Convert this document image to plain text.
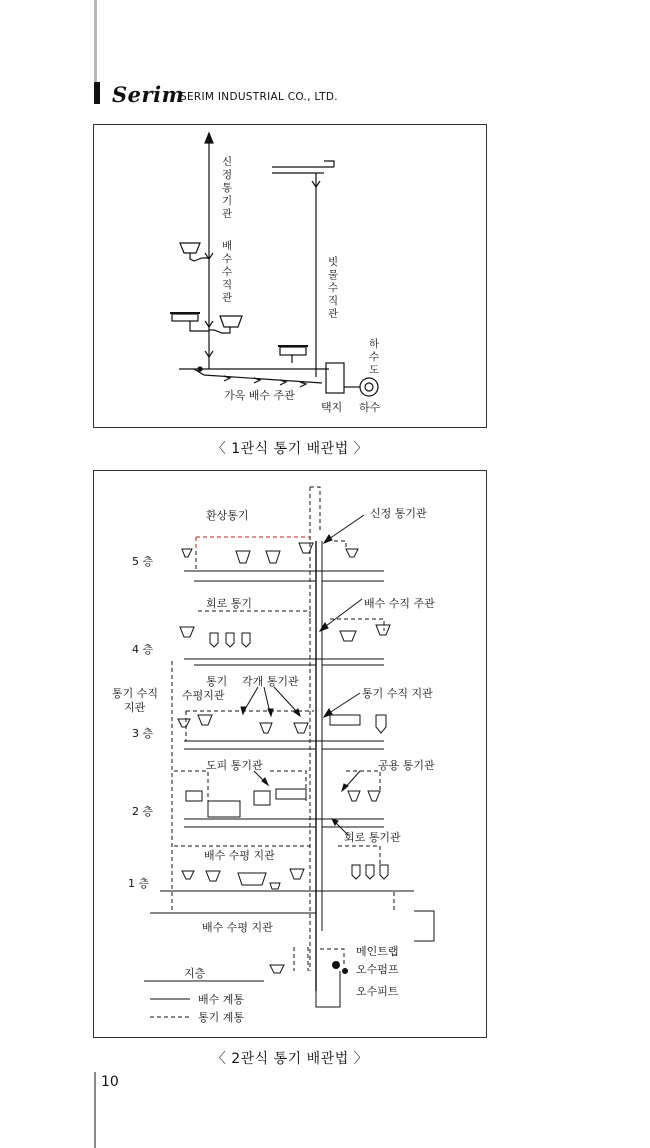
Serim
SERIM INDUSTRIAL CO., LTD.
신 정 통 기 관
배 수 수 직 관
빗 물 수 직 관
하 수 도
가옥 배수 주관
택지 하수
〈 1관식 통기 배관법 〉
5 층
4 층
3 층
2 층
1 층
지층
환상통기	신정 통기관
회로 통기	배수 수직 주관
통기 수직
지관
통기
수평지관
각개 통기관
통기 수직 지관
도피 통기관	공용 통기관
회로 통기관
배수 수평 지관
배수 수평 지관
메인트랩
오수펌프
오수피트
배수 계통
통기 계통
〈 2관식 통기 배관법 〉
10
